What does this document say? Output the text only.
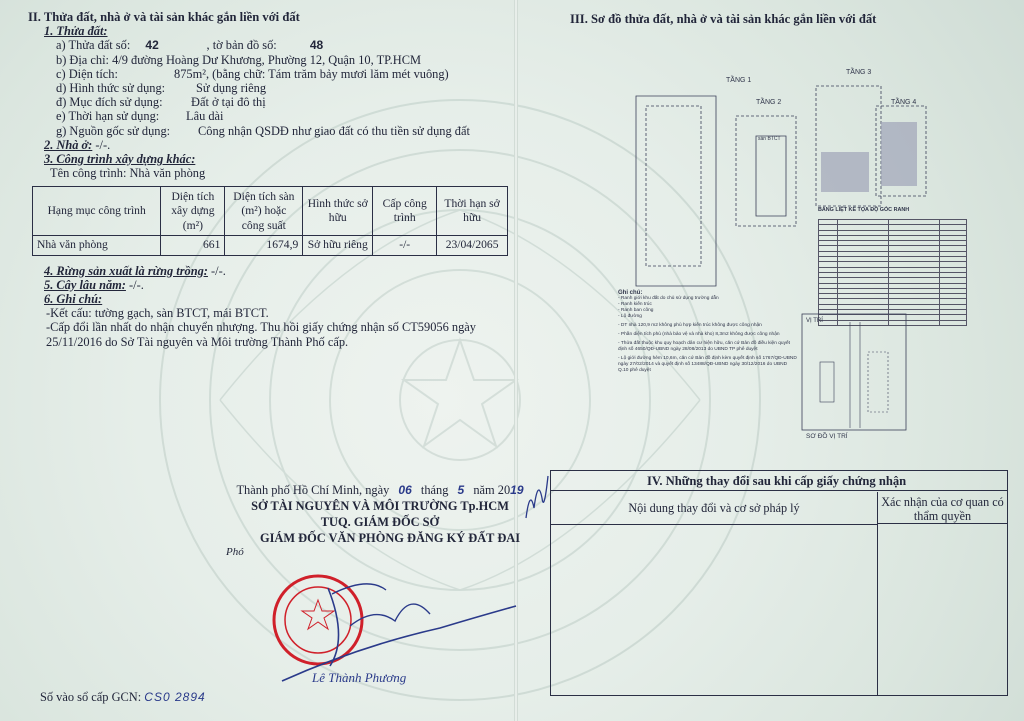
II. Thửa đất, nhà ở và tài sản khác gắn liền với đất
1. Thửa đất:
a) Thửa đất số: 42	, tờ bản đồ số:	48
b) Địa chỉ: 4/9 đường Hoàng Dư Khương, Phường 12, Quận 10, TP.HCM
c) Diện tích:	875m², (bằng chữ: Tám trăm bảy mươi lăm mét vuông)
d) Hình thức sử dụng: Sử dụng riêng
đ) Mục đích sử dụng: Đất ở tại đô thị
e) Thời hạn sử dụng: Lâu dài
g) Nguồn gốc sử dụng: Công nhận QSDĐ như giao đất có thu tiền sử dụng đất
2. Nhà ở: -/-.
3. Công trình xây dựng khác:
Tên công trình: Nhà văn phòng
Hạng mục công trình	Diện tích xây dựng (m²)	Diện tích sàn (m²) hoặc công suất	Hình thức sở hữu	Cấp công trình	Thời hạn sở hữu
Nhà văn phòng	661	1674,9	Sở hữu riêng	-/-	23/04/2065
4. Rừng sản xuất là rừng trồng: -/-.
5. Cây lâu năm: -/-.
6. Ghi chú:
-Kết cấu: tường gạch, sàn BTCT, mái BTCT.
-Cấp đổi lần nhất do nhận chuyển nhượng. Thu hồi giấy chứng nhận số CT59056 ngày
25/11/2016 do Sở Tài nguyên và Môi trường Thành Phố cấp.
Thành phố Hồ Chí Minh, ngày 06 tháng 5 năm 2019
SỞ TÀI NGUYÊN VÀ MÔI TRƯỜNG Tp.HCM
TUQ. GIÁM ĐỐC SỞ
GIÁM ĐỐC VĂN PHÒNG ĐĂNG KÝ ĐẤT ĐAI
Phó
Lê Thành Phương
Số vào sổ cấp GCN: CS0 2894
III. Sơ đồ thửa đất, nhà ở và tài sản khác gắn liền với đất
TẦNG 1
TẦNG 2
TẦNG 3
TẦNG 4
sàn BTCT
Ghi chú:
- Ranh giới khu đất do chủ sử dụng trường dẫn
- Ranh kiến trúc
- Ranh ban công
- Lộ đường
- DT nhà 120,9 m2 không phù hợp kiến trúc không được công nhận
- Phần diện tích phù (nhà bảo vệ và nhà kho) 8,3m2 không được công nhận
- Thửa đất thuộc khu quy hoạch dân cư hiện hữu, căn cứ Bản đồ điều kiện quyết định số 4650/QĐ-UBND ngày 28/08/2013 do UBND TP phê duyệt
- Lộ giới đường hẻm 10,6m, căn cứ Bản đồ định kèm quyết định số 1767/QĐ-UBND ngày 27/02/2014 và quyết định số 13488/QĐ-UBND ngày 30/12/2016 do UBND Q.10 phê duyệt
BẢNG LIỆT KÊ TỌA ĐỘ GÓC RANH

VỊ TRÍ
SƠ ĐỒ VỊ TRÍ
IV. Những thay đổi sau khi cấp giấy chứng nhận
Nội dung thay đổi và cơ sở pháp lý	Xác nhận của cơ quan có thẩm quyền
